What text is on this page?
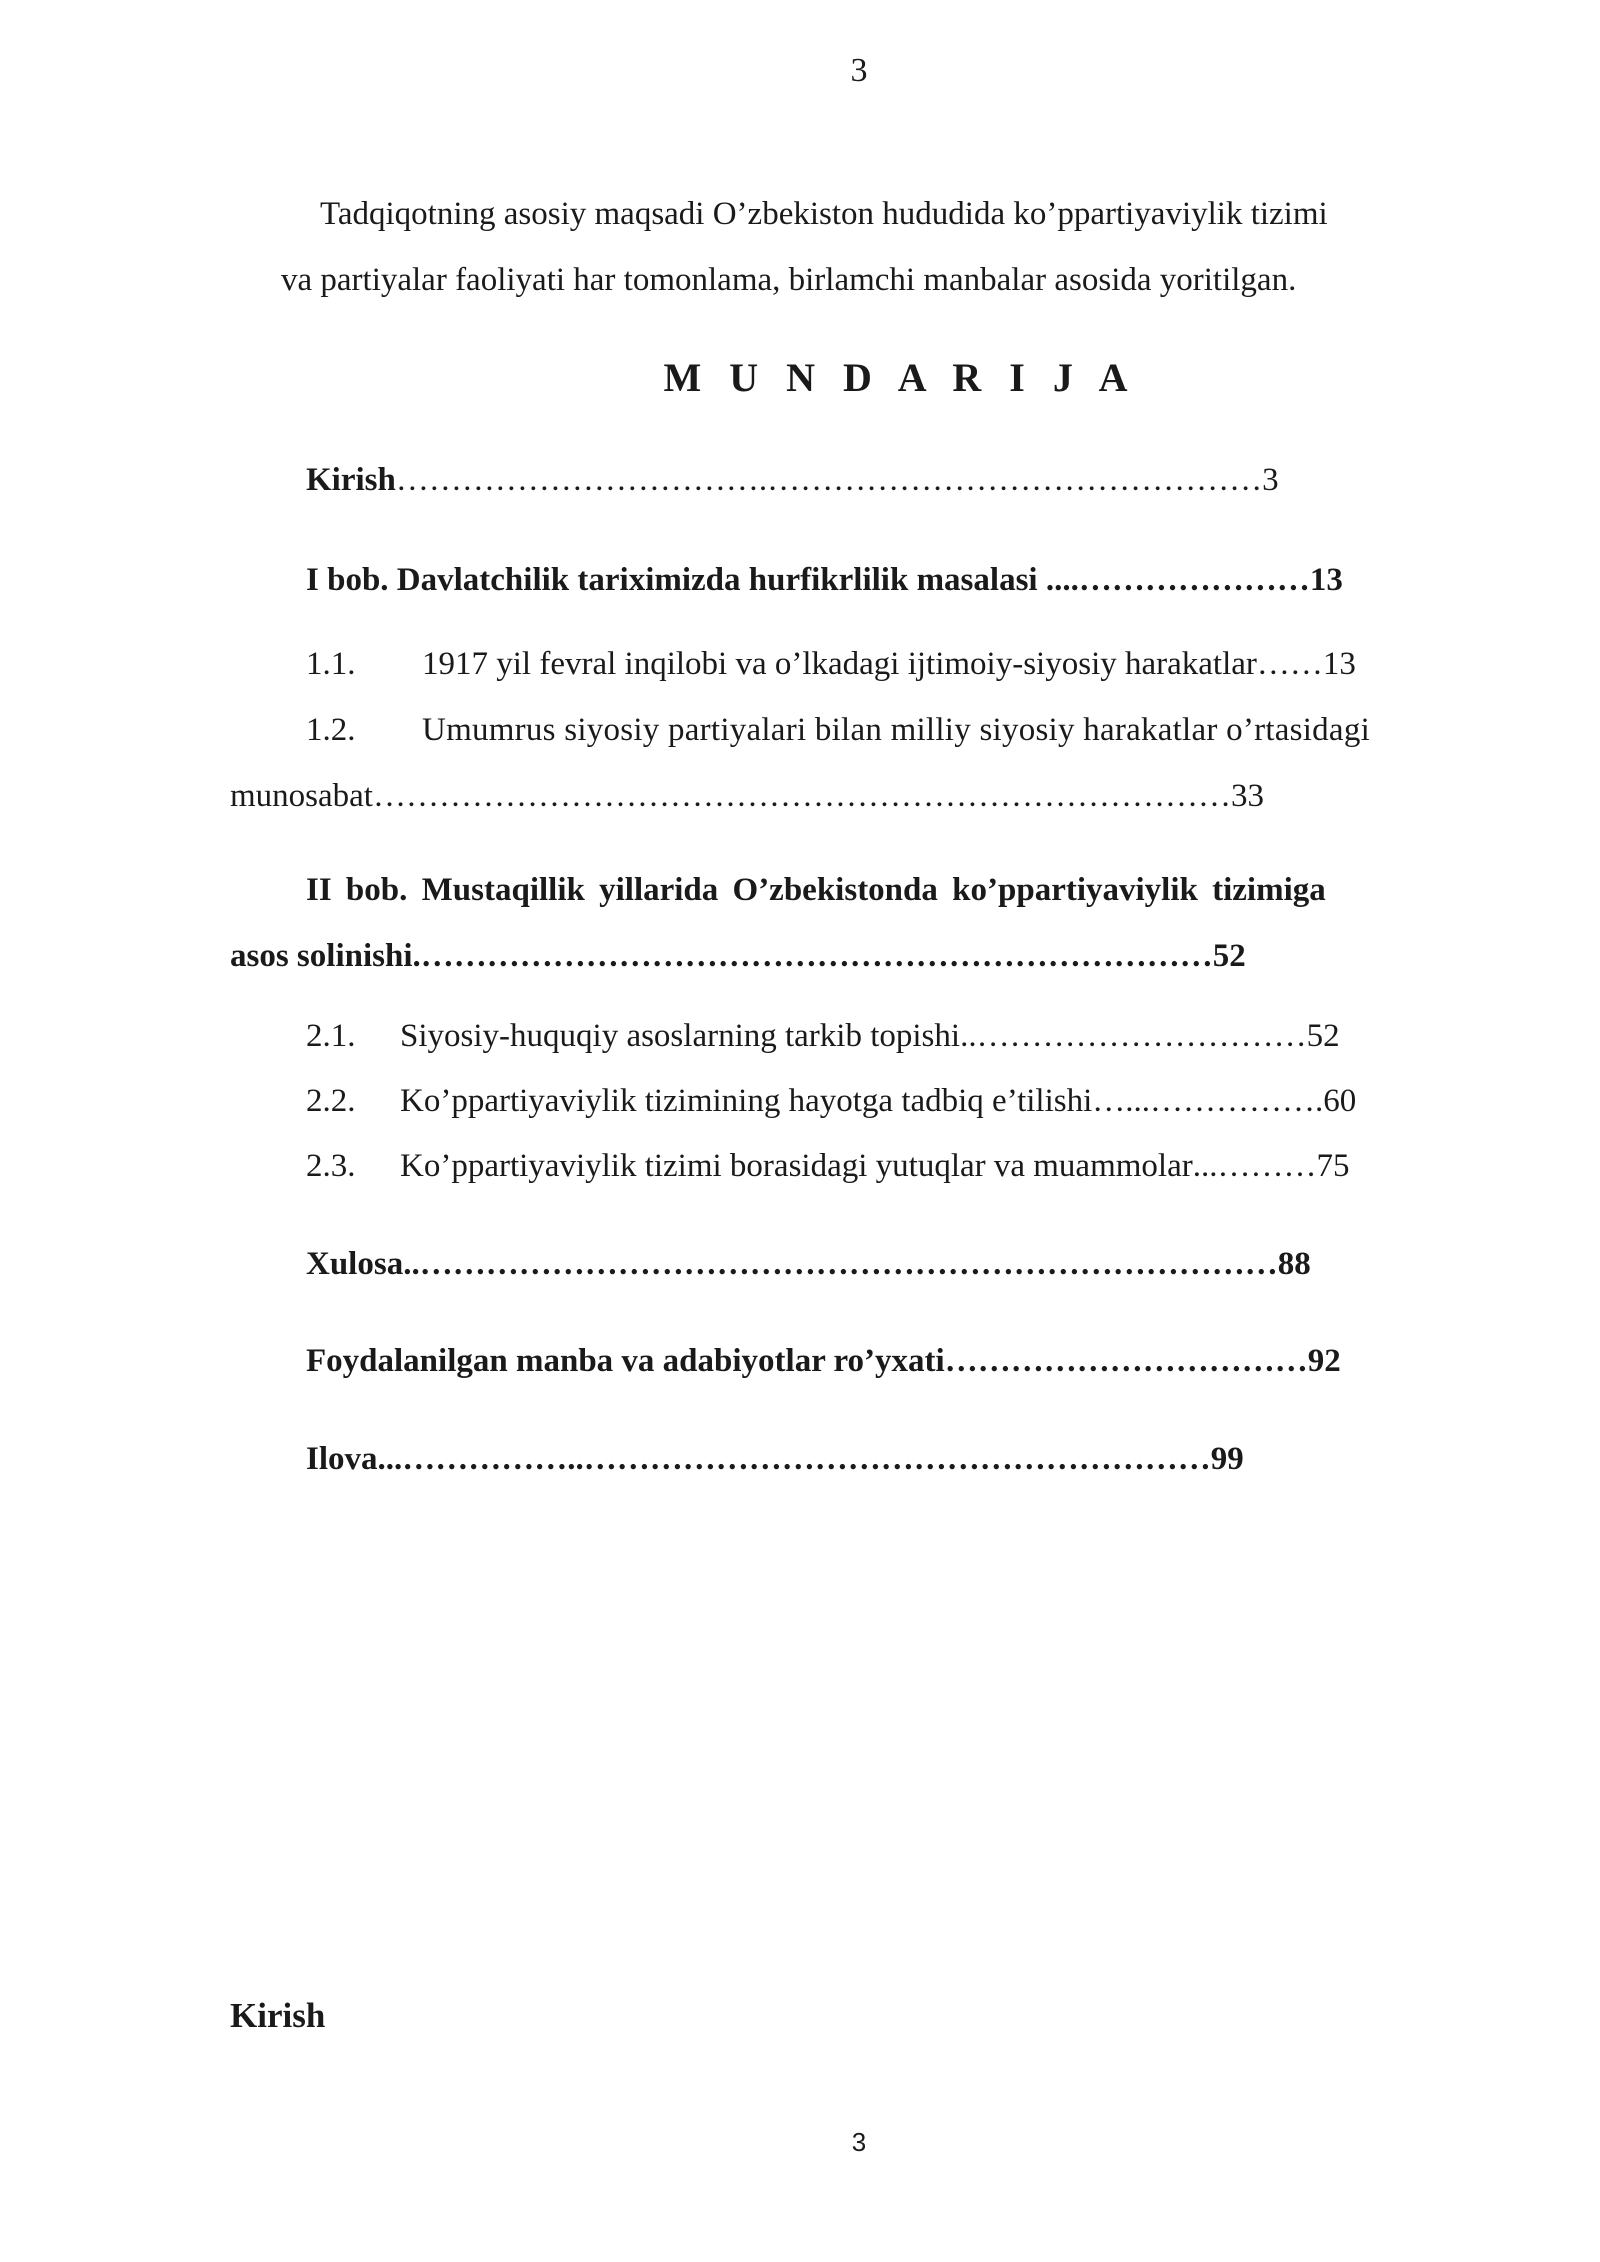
3
Tadqiqotning asosiy maqsadi O’zbekiston hududida ko’ppartiyaviylik tizimi
va partiyalar faoliyati har tomonlama, birlamchi manbalar asosida yoritilgan.
M U N D A R I J A
Kirish …………………………….……………………………………… 3
I bob. Davlatchilik tariximizda hurfikrlilik masalasi ... .………………… 13
1.1.	1917 yil fevral inqilobi va o’lkadagi ijtimoiy-siyosiy harakatlar …… 13
1.2.	Umumrus siyosiy partiyalari bilan milliy siyosiy harakatlar o’rtasidagi
munosabat …………………………………………………………………… 33
II bob. Mustaqillik yillarida O’zbekistonda ko’ppartiyaviylik tizimiga
asos solinishi .……………………………………………………………… 52
2.1.	Siyosiy-huquqiy asoslarning tarkib topishi ..………………………… 52
2.2.	Ko’ppartiyaviylik tizimining hayotga tadbiq e’tilishi …...……………. 60
2.3.	Ko’ppartiyaviylik tizimi borasidagi yutuqlar va muammolar ...……… 75
Xulosa ..…………………………………………………………………… 88
Foydalanilgan manba va adabiyotlar ro’yxati …………………………… 92
Ilova ...……………..………………………………………………… 99
Kirish
3
